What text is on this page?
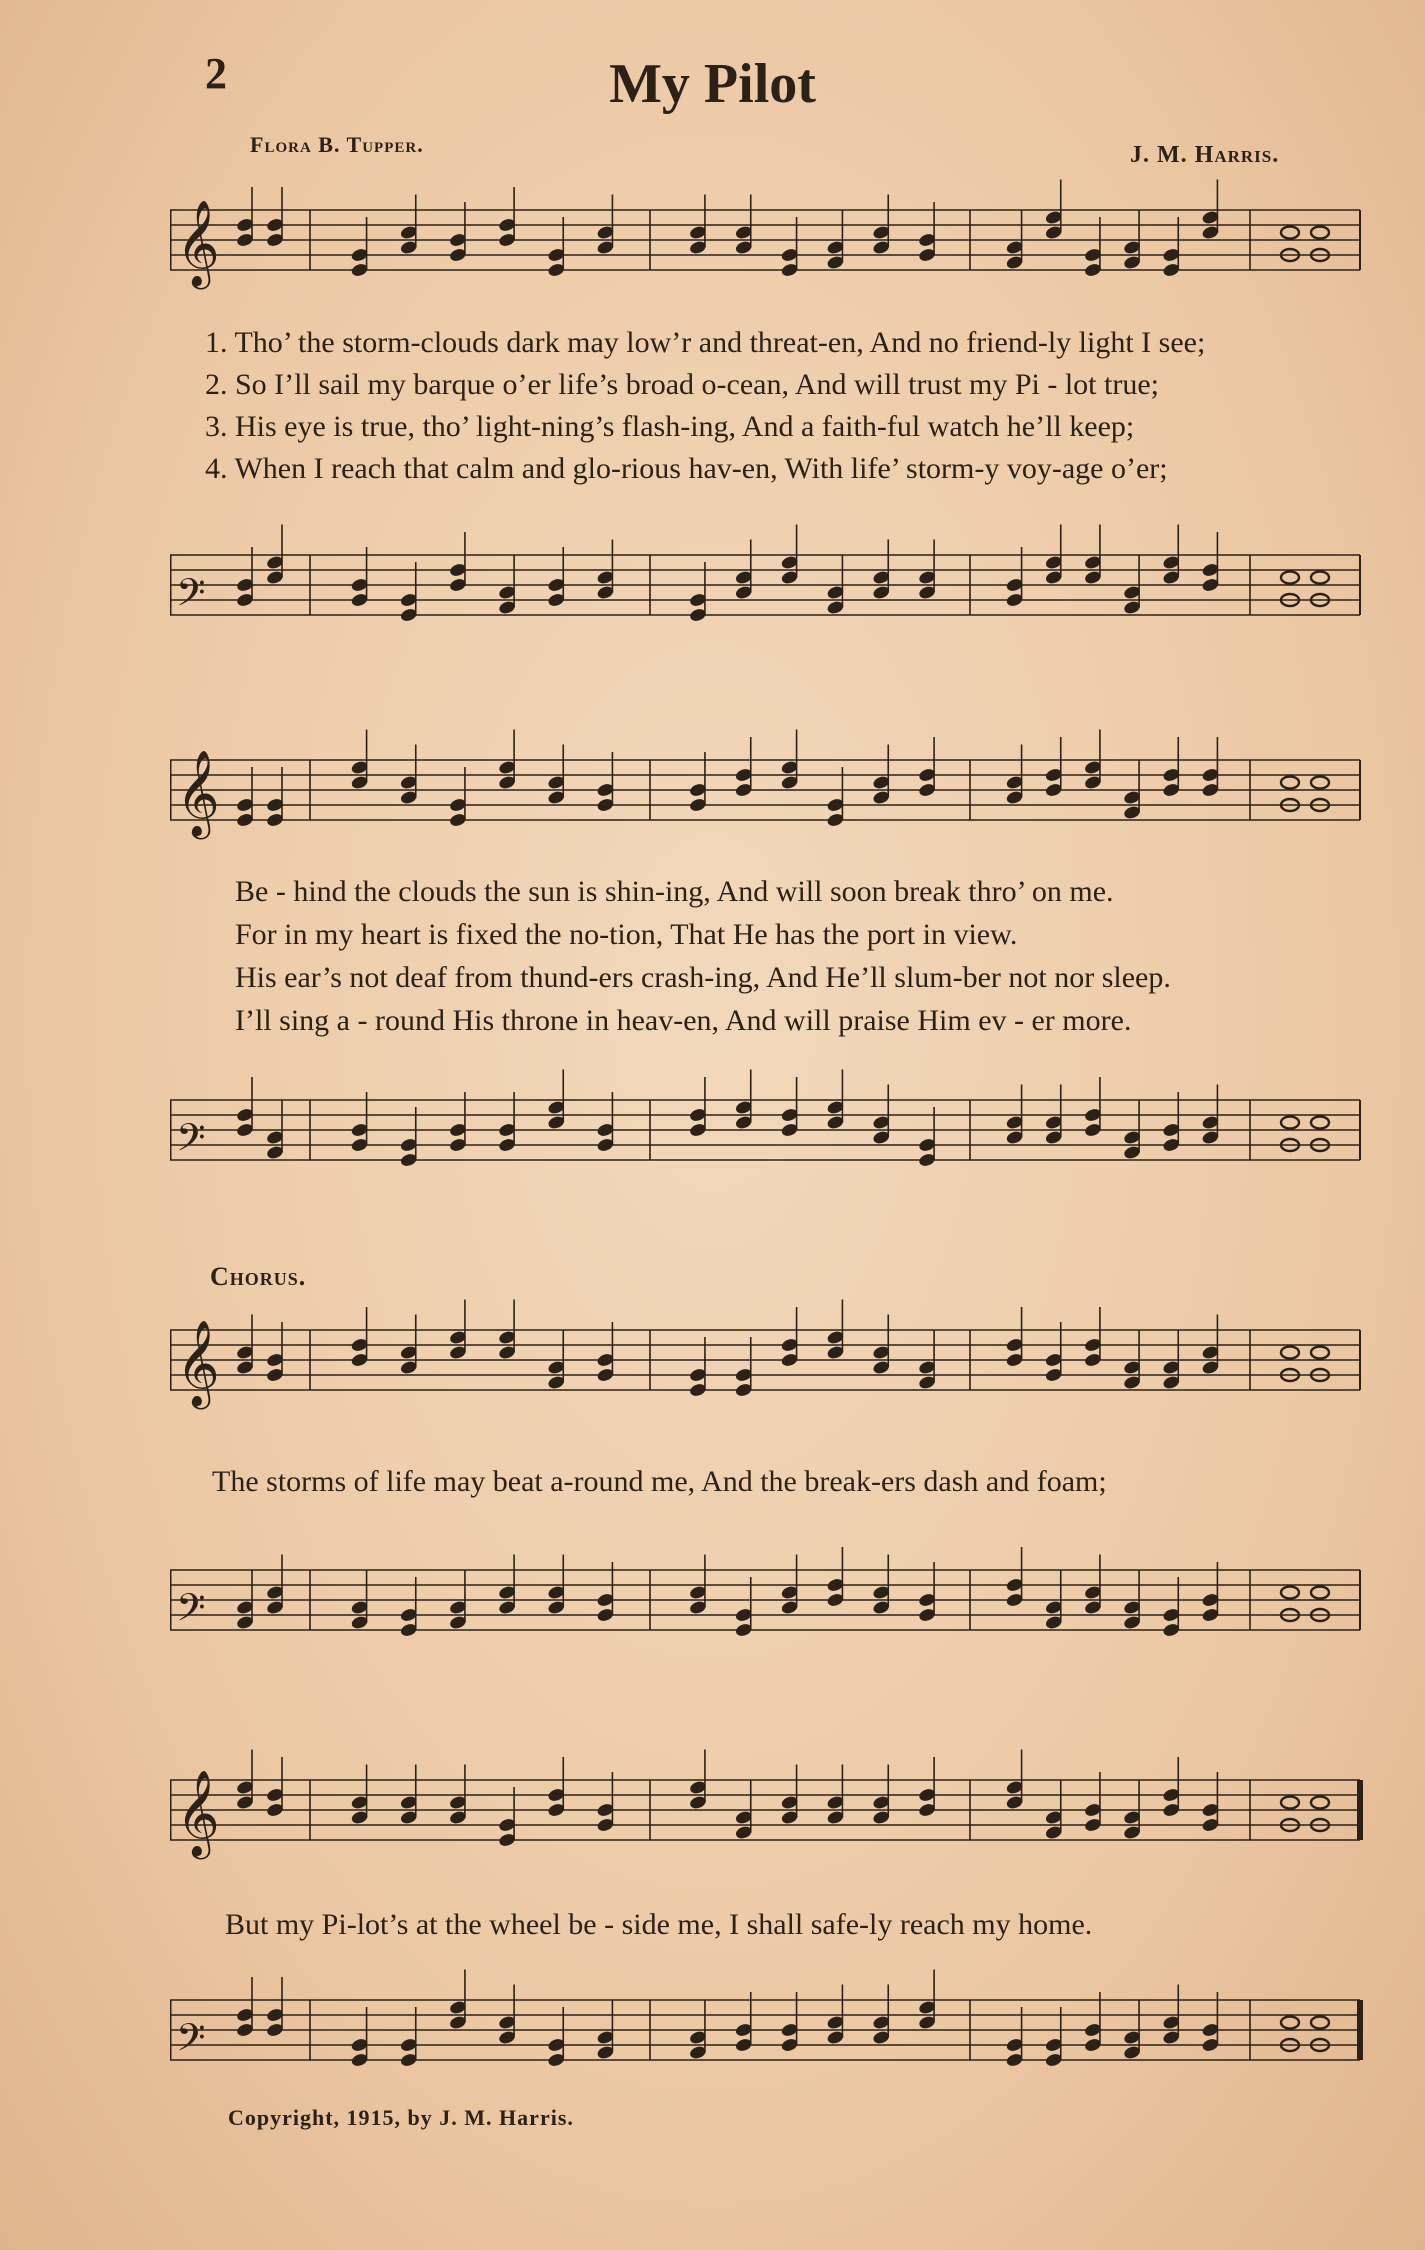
2	My Pilot
Flora B. Tupper.	J. M. Harris.
𝄞
1. Tho’ the storm-clouds dark may low’r and threat-en, And no friend-ly light I see;
2. So I’ll sail my barque o’er life’s broad o-cean, And will trust my Pi - lot true;
3. His eye is true, tho’ light-ning’s flash-ing, And a faith-ful watch he’ll keep;
4. When I reach that calm and glo-rious hav-en, With life’ storm-y voy-age o’er;
𝄢
𝄞
Be - hind the clouds the sun is shin-ing, And will soon break thro’ on me.
For in my heart is fixed the no-tion, That He has the port in view.
His ear’s not deaf from thund-ers crash-ing, And He’ll slum-ber not nor sleep.
I’ll sing a - round His throne in heav-en, And will praise Him ev - er more.
𝄢
Chorus.
𝄞
The storms of life may beat a-round me, And the break-ers dash and foam;
𝄢
𝄞
But my Pi-lot’s at the wheel be - side me, I shall safe-ly reach my home.
𝄢
Copyright, 1915, by J. M. Harris.
